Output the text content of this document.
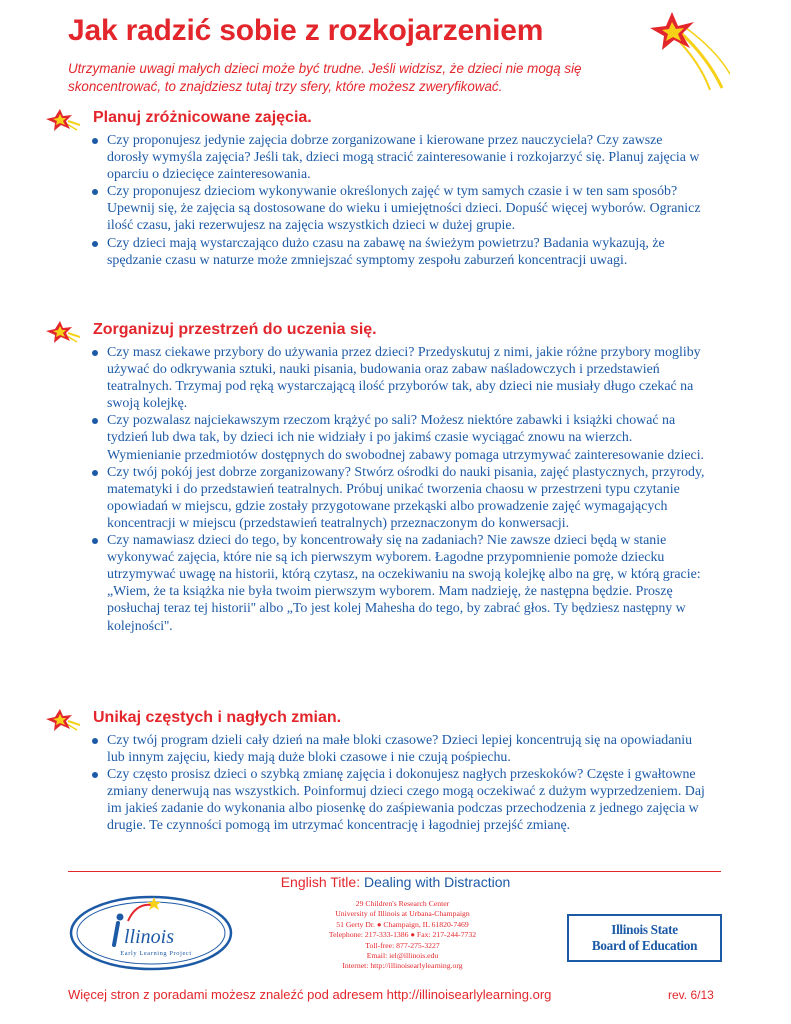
Jak radzić sobie z rozkojarzeniem

Utrzymanie uwagi małych dzieci może być trudne. Jeśli widzisz, że dzieci nie mogą się skoncentrować, to znajdziesz tutaj trzy sfery, które możesz zweryfikować.

Planuj zróżnicowane zajęcia.
Czy proponujesz jedynie zajęcia dobrze zorganizowane i kierowane przez nauczyciela? Czy zawsze dorosły wymyśla zajęcia? Jeśli tak, dzieci mogą stracić zainteresowanie i rozkojarzyć się. Planuj zajęcia w oparciu o dziecięce zainteresowania.
Czy proponujesz dzieciom wykonywanie określonych zajęć w tym samych czasie i w ten sam sposób? Upewnij się, że zajęcia są dostosowane do wieku i umiejętności dzieci. Dopuść więcej wyborów. Ogranicz ilość czasu, jaki rezerwujesz na zajęcia wszystkich dzieci w dużej grupie.
Czy dzieci mają wystarczająco dużo czasu na zabawę na świeżym powietrzu? Badania wykazują, że spędzanie czasu w naturze może zmniejszać symptomy zespołu zaburzeń koncentracji uwagi.
Zorganizuj przestrzeń do uczenia się.
Czy masz ciekawe przybory do używania przez dzieci? Przedyskutuj z nimi, jakie różne przybory mogliby używać do odkrywania sztuki, nauki pisania, budowania oraz zabaw naśladowczych i przedstawień teatralnych. Trzymaj pod ręką wystarczającą ilość przyborów tak, aby dzieci nie musiały długo czekać na swoją kolejkę.
Czy pozwalasz najciekawszym rzeczom krążyć po sali? Możesz niektóre zabawki i książki chować na tydzień lub dwa tak, by dzieci ich nie widziały i po jakimś czasie wyciągać znowu na wierzch. Wymienianie przedmiotów dostępnych do swobodnej zabawy pomaga utrzymywać zainteresowanie dzieci.
Czy twój pokój jest dobrze zorganizowany? Stwórz ośrodki do nauki pisania, zajęć plastycznych, przyrody, matematyki i do przedstawień teatralnych. Próbuj unikać tworzenia chaosu w przestrzeni typu czytanie opowiadań w miejscu, gdzie zostały przygotowane przekąski albo prowadzenie zajęć wymagających koncentracji w miejscu (przedstawień teatralnych) przeznaczonym do konwersacji.
Czy namawiasz dzieci do tego, by koncentrowały się na zadaniach? Nie zawsze dzieci będą w stanie wykonywać zajęcia, które nie są ich pierwszym wyborem. Łagodne przypomnienie pomoże dziecku utrzymywać uwagę na historii, którą czytasz, na oczekiwaniu na swoją kolejkę albo na grę, w którą gracie: „Wiem, że ta książka nie była twoim pierwszym wyborem. Mam nadzieję, że następna będzie. Proszę posłuchaj teraz tej historii'' albo „To jest kolej Mahesha do tego, by zabrać głos. Ty będziesz następny w kolejności''.
Unikaj częstych i nagłych zmian.
Czy twój program dzieli cały dzień na małe bloki czasowe? Dzieci lepiej koncentrują się na opowiadaniu lub innym zajęciu, kiedy mają duże bloki czasowe i nie czują pośpiechu.
Czy często prosisz dzieci o szybką zmianę zajęcia i dokonujesz nagłych przeskoków? Częste i gwałtowne zmiany denerwują nas wszystkich. Poinformuj dzieci czego mogą oczekiwać z dużym wyprzedzeniem. Daj im jakieś zadanie do wykonania albo piosenkę do zaśpiewania podczas przechodzenia z jednego zajęcia w drugie. Te czynności pomogą im utrzymać koncentrację i łagodniej przejść zmianę.
English Title: Dealing with Distraction
llinois
Early Learning Project
29 Children's Research Center
University of Illinois at Urbana-Champaign
51 Gerty Dr. ● Champaign, IL 61820-7469
Telephone: 217-333-1386 ● Fax: 217-244-7732
Toll-free: 877-275-3227
Email: iel@illinois.edu
Internet: http://illinoisearlylearning.org
Illinois State
Board of Education
Więcej stron z poradami możesz znaleźć pod adresem http://illinoisearlylearning.org	rev. 6/13
